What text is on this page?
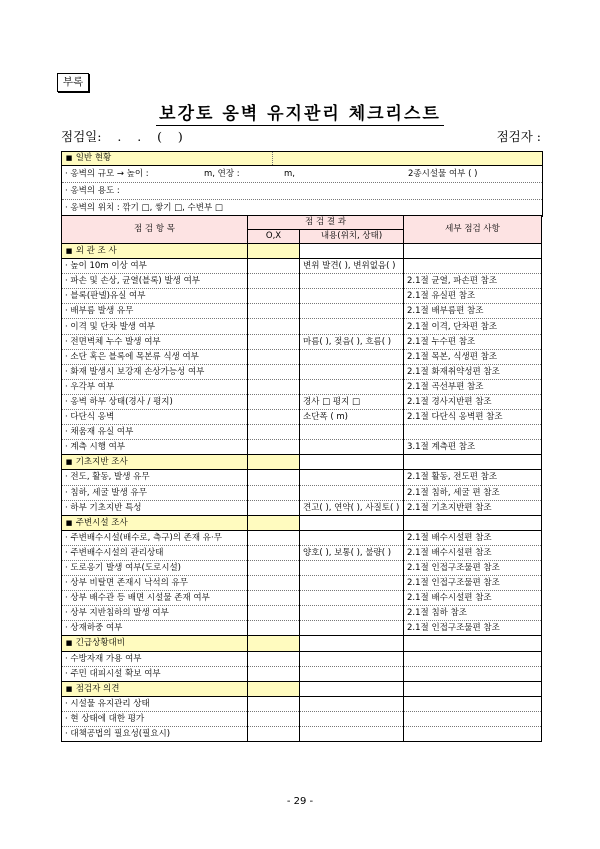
부록
보강토 옹벽 유지관리 체크리스트
점검일:    .    .    (    )	점검자 :
■ 일반 현황
· 옹벽의 규모 → 높이 :	m, 연장 :	m,	2종시설물 여부 ( )
· 옹벽의 용도 :
· 옹벽의 위치 : 깎기 □, 쌓기 □, 수변부 □
점 검 항 목	점 검 결 과		세부 점검 사항
	O,X	내용(위치, 상태)	
■ 외 관 조 사			
· 높이 10m 이상 여부		변위 발견( ), 변위없음( )	
· 파손 및 손상, 균열(블록) 발생 여부			2.1절 균열, 파손편 참조
· 블록(판넬)유실 여부			2.1절 유실편 참조
· 배부름 발생 유무			2.1절 배부름편 참조
· 이격 및 단차 발생 여부			2.1절 이격, 단차편 참조
· 전면벽체 누수 발생 여부		마름( ), 젖음( ), 흐름( )	2.1절 누수편 참조
· 소단 혹은 블록에 목본류 식생 여부			2.1절 목본, 식생편 참조
· 화재 발생시 보강재 손상가능성 여부			2.1절 화재취약성편 참조
· 우각부 여부			2.1절 곡선부편 참조
· 옹벽 하부 상태(경사 / 평지)		경사 □ 평지 □	2.1절 경사지반편 참조
· 다단식 옹벽		소단폭 ( m)	2.1절 다단식 옹벽편 참조
· 채움재 유실 여부			
· 계측 시행 여부			3.1절 계측편 참조
■ 기초지반 조사			
· 전도, 활동, 발생 유무			2.1절 활동, 전도편 참조
· 침하, 세굴 발생 유무			2.1절 침하, 세굴 편 참조
· 하부 기초지반 특성		견고( ), 연약( ), 사질토( )	2.1절 기초지반편 참조
■ 주변시설 조사			
· 주변배수시설(배수로, 측구)의 존재 유·무			2.1절 배수시설편 참조
· 주변배수시설의 관리상태		양호( ), 보통( ), 불량( )	2.1절 배수시설편 참조
· 도로옹기 발생 여부(도로시설)			2.1절 인접구조물편 참조
· 상부 비탈면 존재시 낙석의 유무			2.1절 인접구조물편 참조
· 상부 배수관 등 배면 시설물 존재 여부			2.1절 배수시설편 참조
· 상부 지반침하의 발생 여부			2.1절 침하 참조
· 상재하중 여부			2.1절 인접구조물편 참조
■ 긴급상황대비			
· 수방자재 가용 여부			
· 주민 대피시설 확보 여부			
■ 점검자 의견			
· 시설물 유지관리 상태			
· 현 상태에 대한 평가			
· 대책공법의 필요성(필요시)			
- 29 -
